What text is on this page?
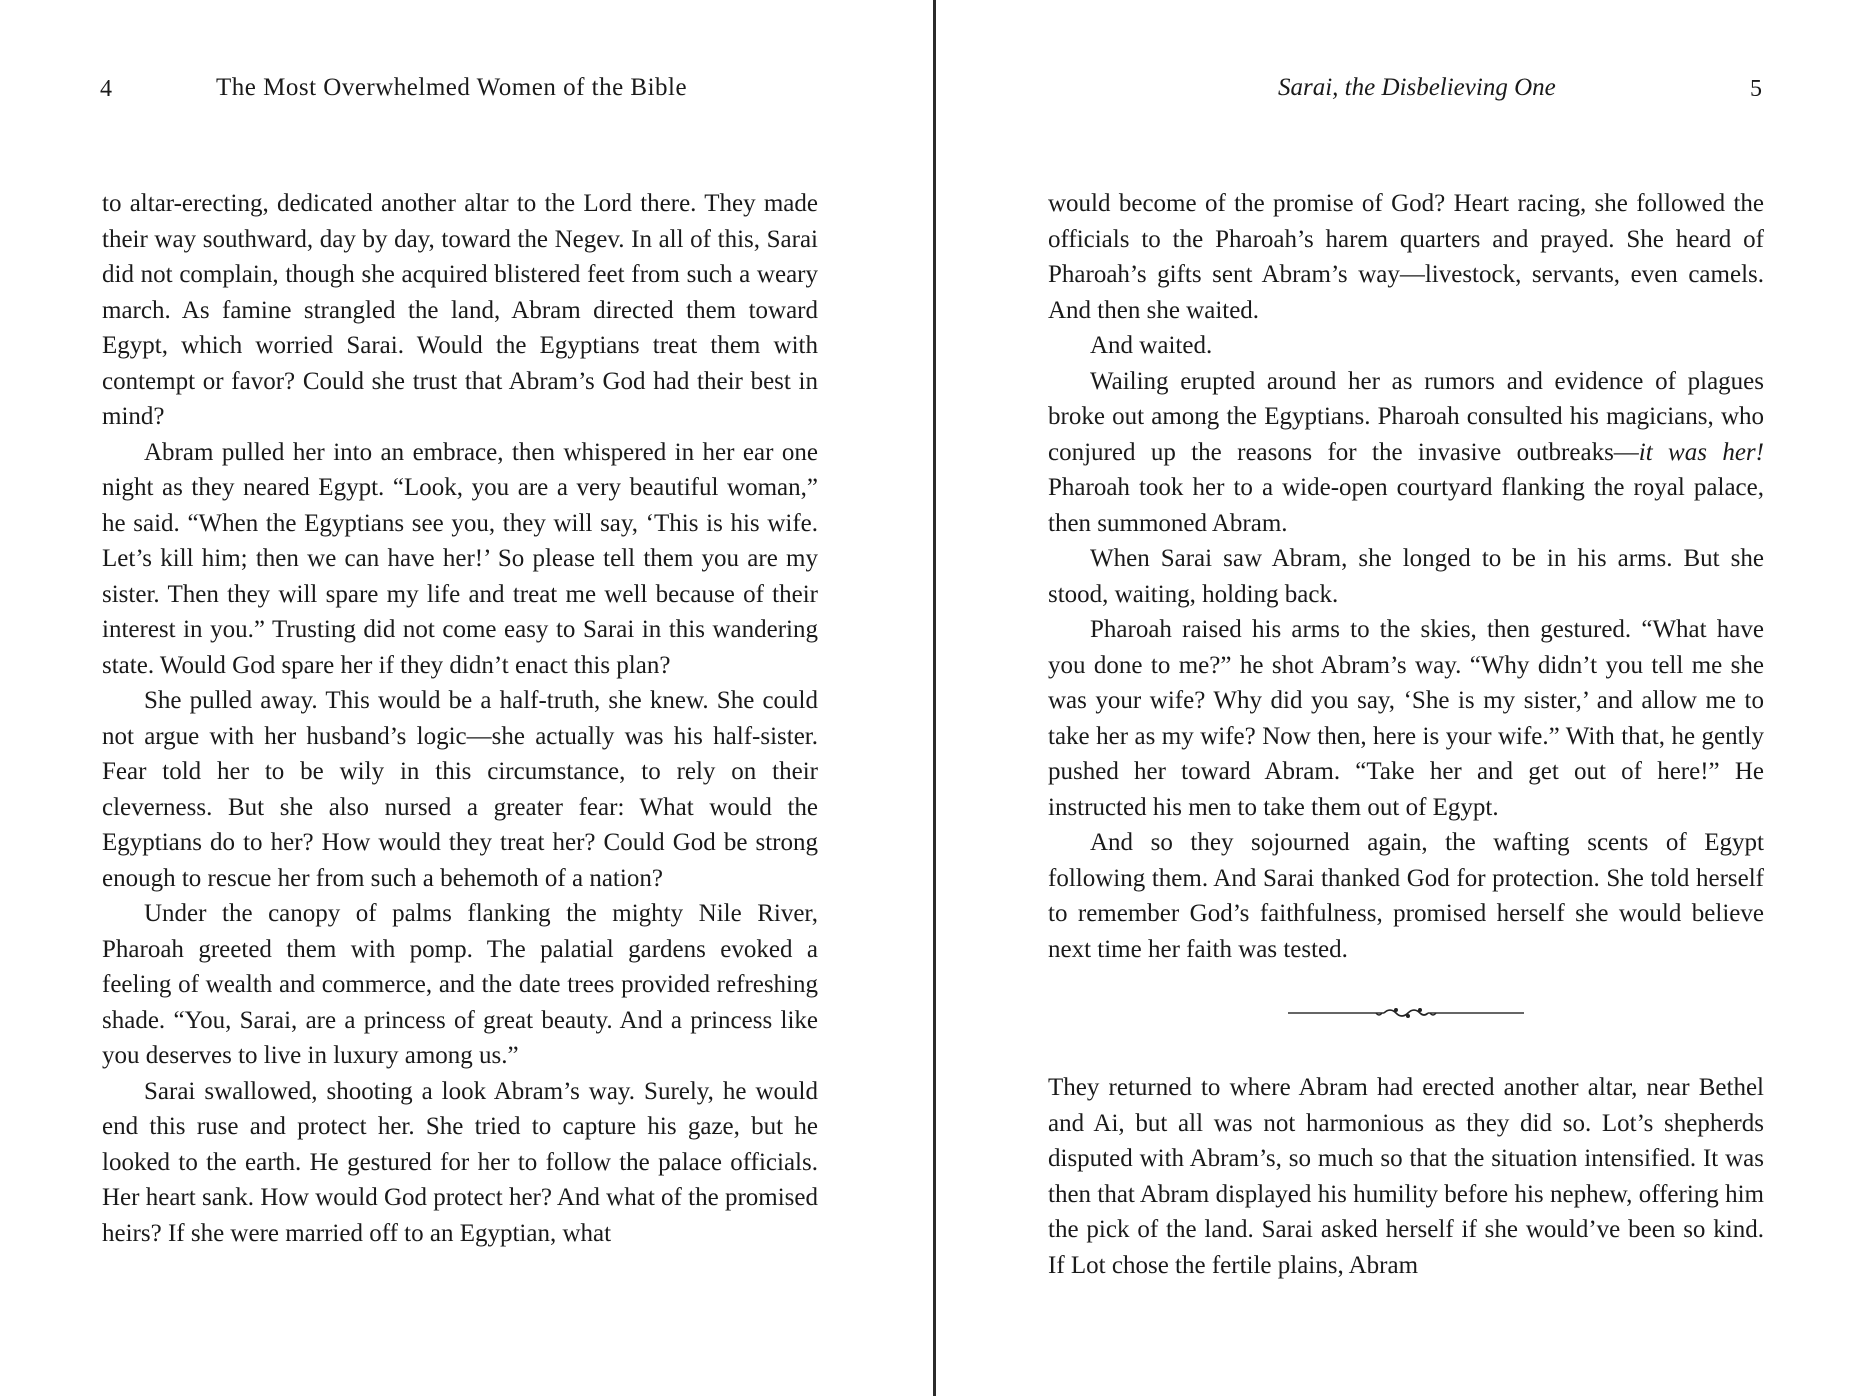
4	The Most Overwhelmed Women of the Bible

to altar-erecting, dedicated another altar to the Lord there. They made their way southward, day by day, toward the Negev. In all of this, Sarai did not complain, though she acquired blistered feet from such a weary march. As famine strangled the land, Abram directed them toward Egypt, which worried Sarai. Would the Egyptians treat them with contempt or favor? Could she trust that Abram’s God had their best in mind?

Abram pulled her into an embrace, then whispered in her ear one night as they neared Egypt. “Look, you are a very beautiful woman,” he said. “When the Egyptians see you, they will say, ‘This is his wife. Let’s kill him; then we can have her!’ So please tell them you are my sister. Then they will spare my life and treat me well because of their interest in you.” Trusting did not come easy to Sarai in this wandering state. Would God spare her if they didn’t enact this plan?

She pulled away. This would be a half-truth, she knew. She could not argue with her husband’s logic—she actually was his half-sister. Fear told her to be wily in this circumstance, to rely on their cleverness. But she also nursed a greater fear: What would the Egyptians do to her? How would they treat her? Could God be strong enough to rescue her from such a behemoth of a nation?

Under the canopy of palms flanking the mighty Nile River, Pharoah greeted them with pomp. The palatial gardens evoked a feeling of wealth and commerce, and the date trees provided refreshing shade. “You, Sarai, are a princess of great beauty. And a princess like you deserves to live in luxury among us.”

Sarai swallowed, shooting a look Abram’s way. Surely, he would end this ruse and protect her. She tried to capture his gaze, but he looked to the earth. He gestured for her to follow the palace officials. Her heart sank. How would God protect her? And what of the promised heirs? If she were married off to an Egyptian, what

Sarai, the Disbelieving One	5

would become of the promise of God? Heart racing, she followed the officials to the Pharoah’s harem quarters and prayed. She heard of Pharoah’s gifts sent Abram’s way—livestock, servants, even camels. And then she waited.

And waited.

Wailing erupted around her as rumors and evidence of plagues broke out among the Egyptians. Pharoah consulted his magicians, who conjured up the reasons for the invasive outbreaks—it was her! Pharoah took her to a wide-open courtyard flanking the royal palace, then summoned Abram.

When Sarai saw Abram, she longed to be in his arms. But she stood, waiting, holding back.

Pharoah raised his arms to the skies, then gestured. “What have you done to me?” he shot Abram’s way. “Why didn’t you tell me she was your wife? Why did you say, ‘She is my sister,’ and allow me to take her as my wife? Now then, here is your wife.” With that, he gently pushed her toward Abram. “Take her and get out of here!” He instructed his men to take them out of Egypt.

And so they sojourned again, the wafting scents of Egypt following them. And Sarai thanked God for protection. She told herself to remember God’s faithfulness, promised herself she would believe next time her faith was tested.

They returned to where Abram had erected another altar, near Bethel and Ai, but all was not harmonious as they did so. Lot’s shepherds disputed with Abram’s, so much so that the situation intensified. It was then that Abram displayed his humility before his nephew, offering him the pick of the land. Sarai asked herself if she would’ve been so kind. If Lot chose the fertile plains, Abram
